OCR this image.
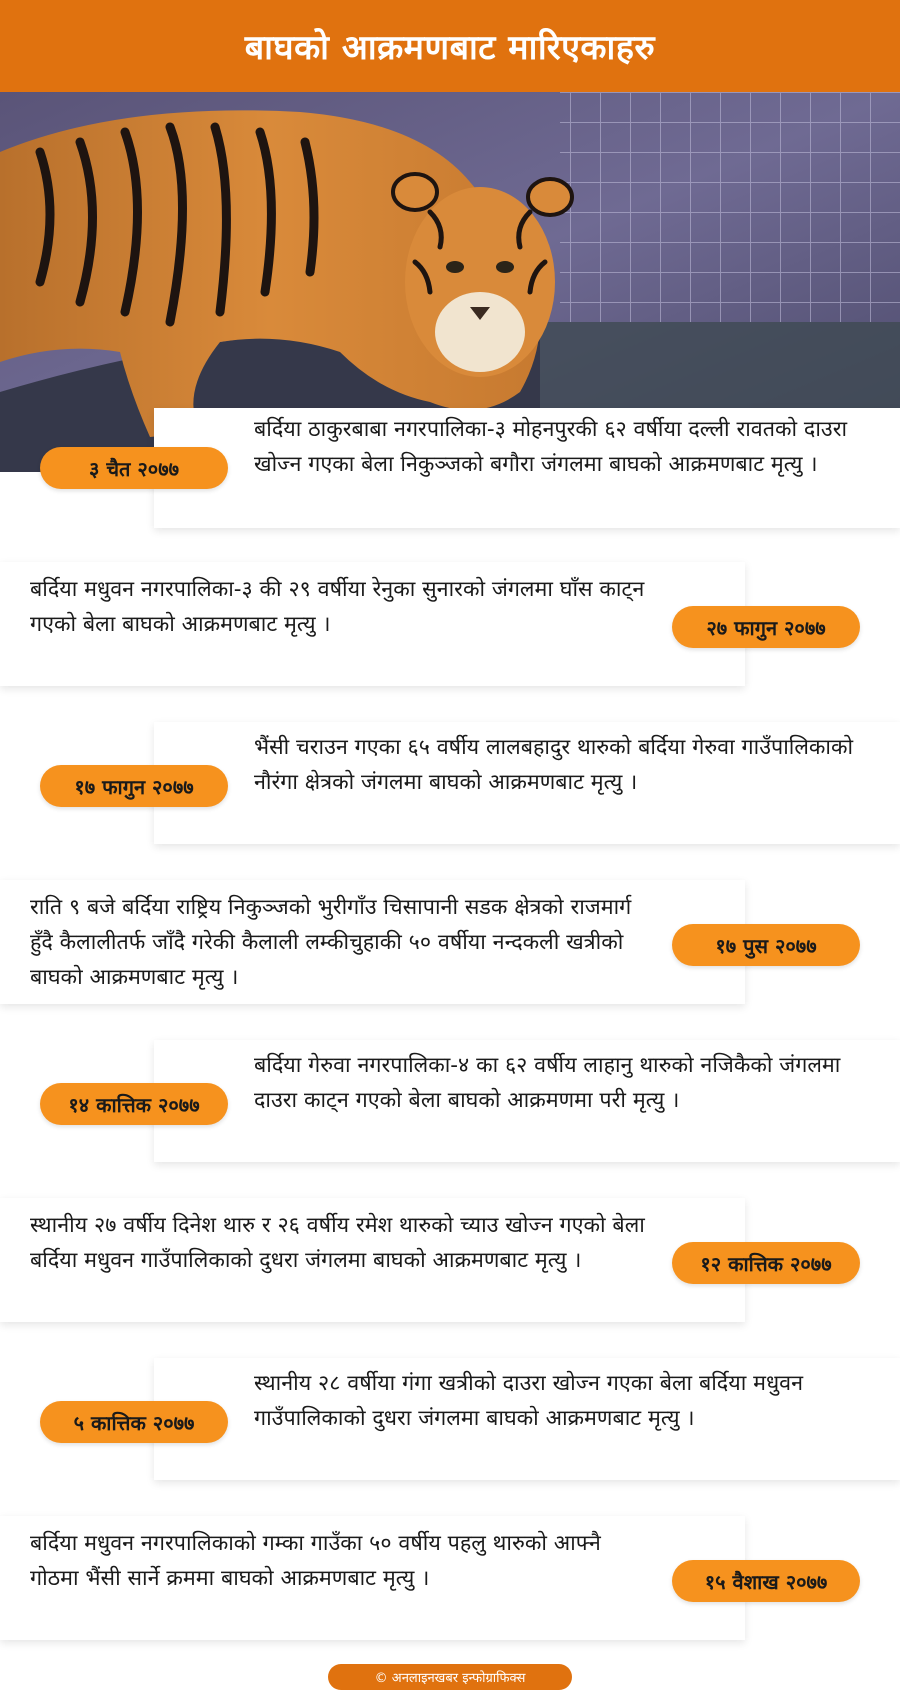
बाघको आक्रमणबाट मारिएकाहरु

बर्दिया ठाकुरबाबा नगरपालिका-३ मोहनपुरकी ६२ वर्षीया दल्ली रावतको दाउरा खोज्न गएका बेला निकुञ्जको बगौरा जंगलमा बाघको आक्रमणबाट मृत्यु ।

३ चैत २०७७

बर्दिया मधुवन नगरपालिका-३ की २९ वर्षीया रेनुका सुनारको जंगलमा घाँस काट्न गएको बेला बाघको आक्रमणबाट मृत्यु ।	२७ फागुन २०७७

भैंसी चराउन गएका ६५ वर्षीय लालबहादुर थारुको बर्दिया गेरुवा गाउँपालिकाको नौरंगा क्षेत्रको जंगलमा बाघको आक्रमणबाट मृत्यु ।

१७ फागुन २०७७

राति ९ बजे बर्दिया राष्ट्रिय निकुञ्जको भुरीगाँउ चिसापानी सडक क्षेत्रको राजमार्ग हुँदै कैलालीतर्फ जाँदै गरेकी कैलाली लम्कीचुहाकी ५० वर्षीया नन्दकली खत्रीको बाघको आक्रमणबाट मृत्यु ।

१७ पुस २०७७

बर्दिया गेरुवा नगरपालिका-४ का ६२ वर्षीय लाहानु थारुको नजिकैको जंगलमा दाउरा काट्न गएको बेला बाघको आक्रमणमा परी मृत्यु ।

१४ कात्तिक २०७७

स्थानीय २७ वर्षीय दिनेश थारु र २६ वर्षीय रमेश थारुको च्याउ खोज्न गएको बेला बर्दिया मधुवन गाउँपालिकाको दुधरा जंगलमा बाघको आक्रमणबाट मृत्यु ।	१२ कात्तिक २०७७

स्थानीय २८ वर्षीया गंगा खत्रीको दाउरा खोज्न गएका बेला बर्दिया मधुवन गाउँपालिकाको दुधरा जंगलमा बाघको आक्रमणबाट मृत्यु ।

५ कात्तिक २०७७

बर्दिया मधुवन नगरपालिकाको गम्का गाउँका ५० वर्षीय पहलु थारुको आफ्नै गोठमा भैंसी सार्ने क्रममा बाघको आक्रमणबाट मृत्यु ।	१५ वैशाख २०७७
© अनलाइनखबर इन्फोग्राफिक्स
